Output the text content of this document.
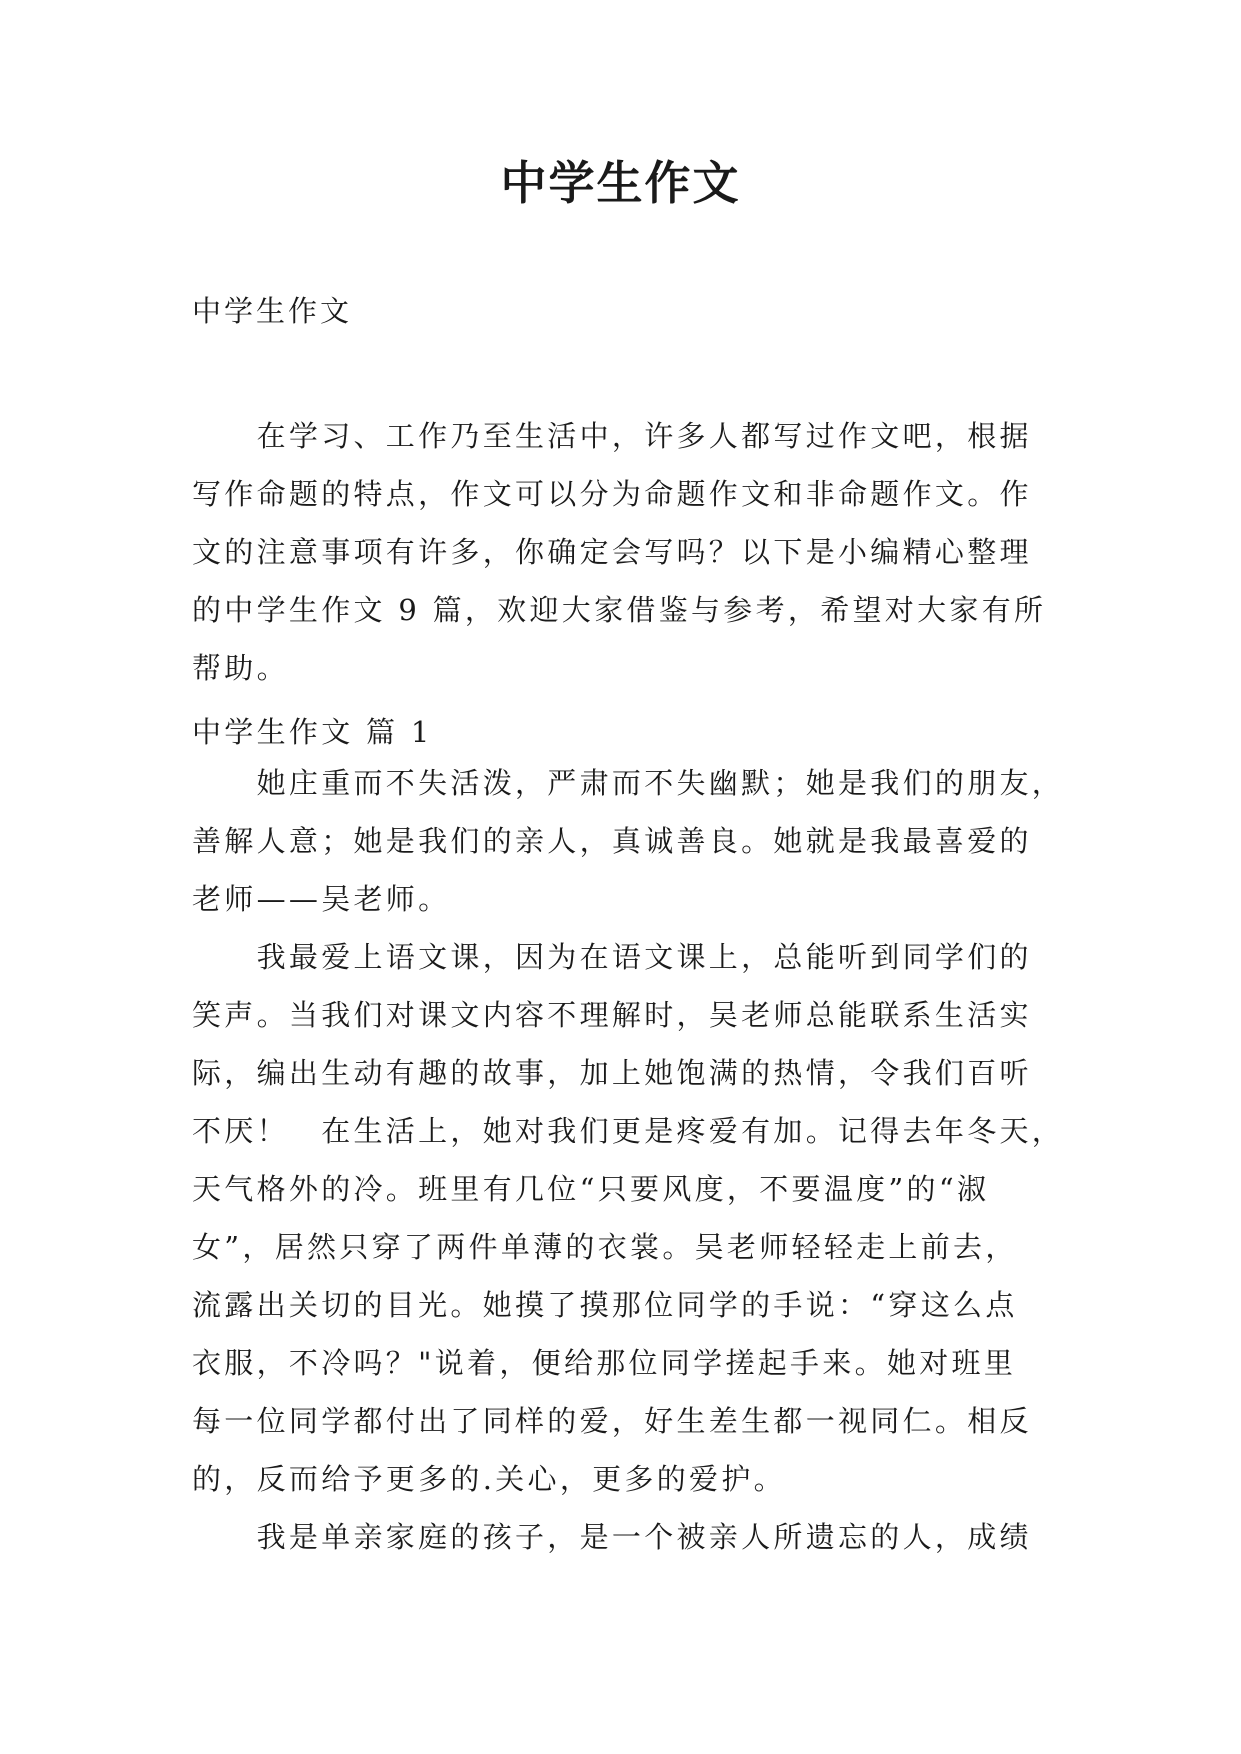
中学生作文

中学生作文

　　在学习、工作乃至生活中，许多人都写过作文吧，根据
写作命题的特点，作文可以分为命题作文和非命题作文。作
文的注意事项有许多，你确定会写吗？以下是小编精心整理
的中学生作文 9 篇，欢迎大家借鉴与参考，希望对大家有所
帮助。
中学生作文 篇 1
　　她庄重而不失活泼，严肃而不失幽默；她是我们的朋友，
善解人意；她是我们的亲人，真诚善良。她就是我最喜爱的
老师——吴老师。
　　我最爱上语文课，因为在语文课上，总能听到同学们的
笑声。当我们对课文内容不理解时，吴老师总能联系生活实
际，编出生动有趣的故事，加上她饱满的热情，令我们百听
不厌！　在生活上，她对我们更是疼爱有加。记得去年冬天，
天气格外的冷。班里有几位“只要风度，不要温度”的“淑
女”，居然只穿了两件单薄的衣裳。吴老师轻轻走上前去，
流露出关切的目光。她摸了摸那位同学的手说：“穿这么点
衣服，不冷吗？"说着，便给那位同学搓起手来。她对班里
每一位同学都付出了同样的爱，好生差生都一视同仁。相反
的，反而给予更多的.关心，更多的爱护。
　　我是单亲家庭的孩子，是一个被亲人所遗忘的人，成绩
